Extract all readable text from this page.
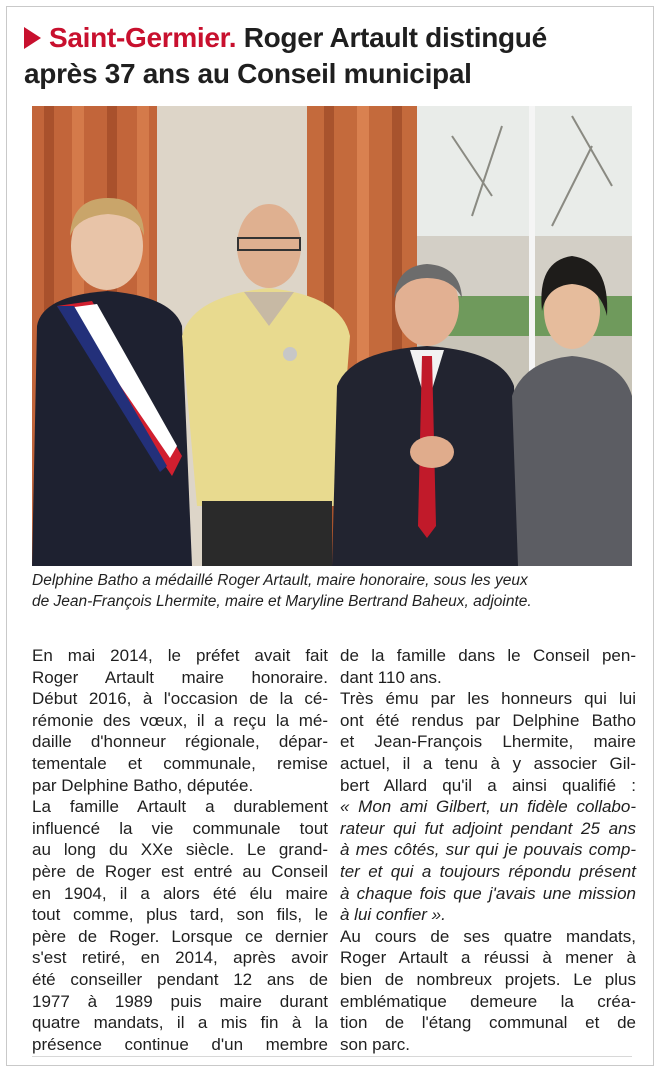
Saint-Germier. Roger Artault distingué
après 37 ans au Conseil municipal

Delphine Batho a médaillé Roger Artault, maire honoraire, sous les yeux

de Jean-François Lhermite, maire et Maryline Bertrand Baheux, adjointe.

En mai 2014, le préfet avait fait
Roger Artault maire honoraire.
Début 2016, à l'occasion de la cé-
rémonie des vœux, il a reçu la mé-
daille d'honneur régionale, dépar-
tementale et communale, remise
par Delphine Batho, députée.
La famille Artault a durablement
influencé la vie communale tout
au long du XXe siècle. Le grand-
père de Roger est entré au Conseil
en 1904, il a alors été élu maire
tout comme, plus tard, son fils, le
père de Roger. Lorsque ce dernier
s'est retiré, en 2014, après avoir
été conseiller pendant 12 ans de
1977 à 1989 puis maire durant
quatre mandats, il a mis fin à la
présence continue d'un membre
de la famille dans le Conseil pen-
dant 110 ans.
Très ému par les honneurs qui lui
ont été rendus par Delphine Batho
et Jean-François Lhermite, maire
actuel, il a tenu à y associer Gil-
bert Allard qu'il a ainsi qualifié :
« Mon ami Gilbert, un fidèle collabo-
rateur qui fut adjoint pendant 25 ans
à mes côtés, sur qui je pouvais comp-
ter et qui a toujours répondu présent
à chaque fois que j'avais une mission
à lui confier ».
Au cours de ses quatre mandats,
Roger Artault a réussi à mener à
bien de nombreux projets. Le plus
emblématique demeure la créa-
tion de l'étang communal et de
son parc.
